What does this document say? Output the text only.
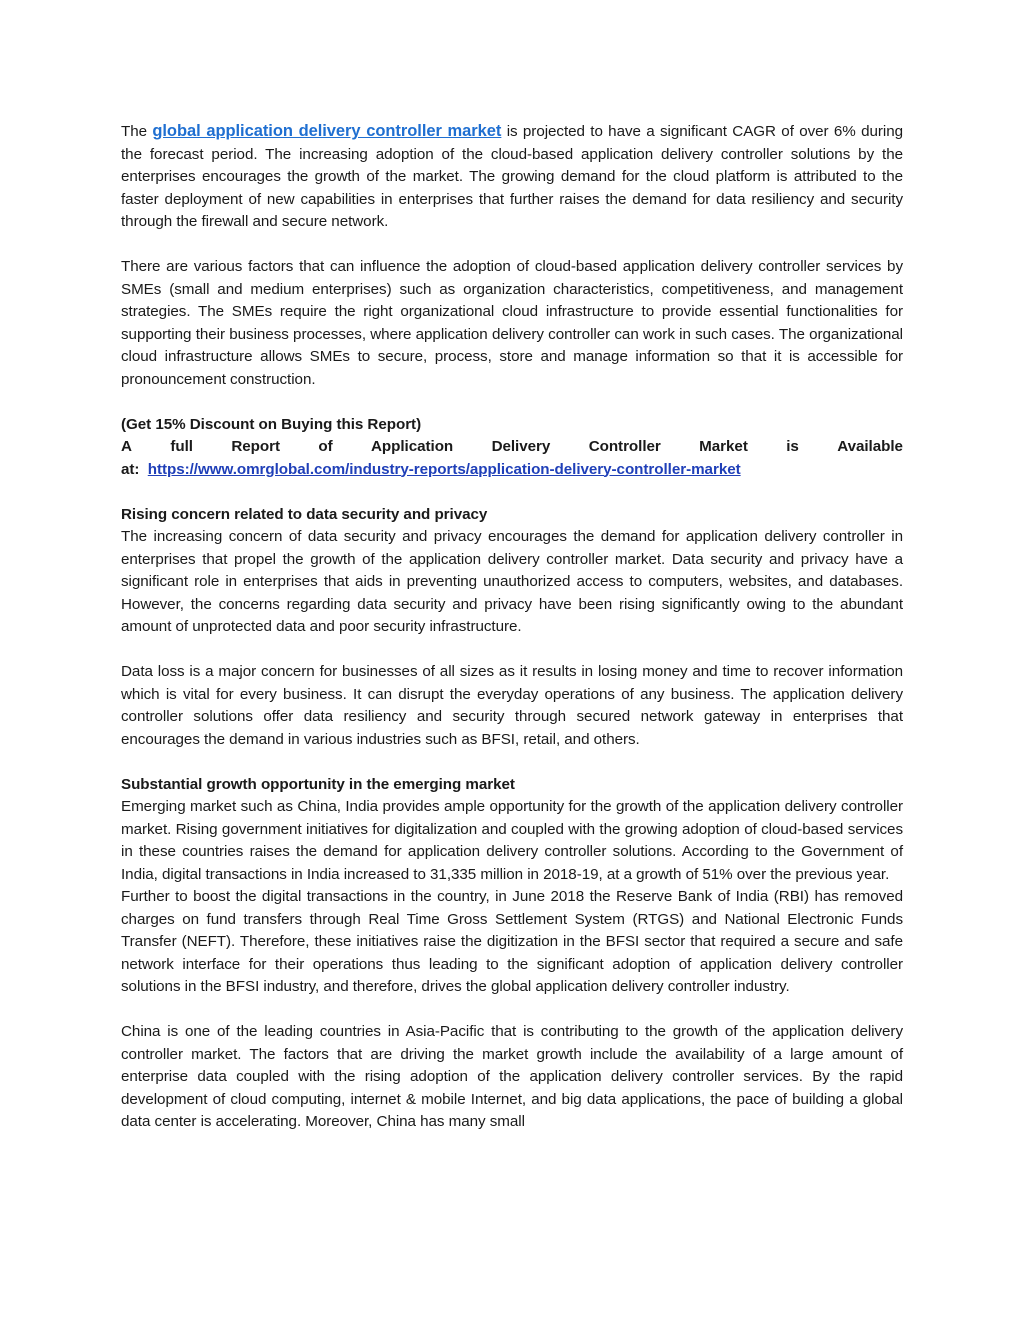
The global application delivery controller market is projected to have a significant CAGR of over 6% during the forecast period. The increasing adoption of the cloud-based application delivery controller solutions by the enterprises encourages the growth of the market. The growing demand for the cloud platform is attributed to the faster deployment of new capabilities in enterprises that further raises the demand for data resiliency and security through the firewall and secure network.

There are various factors that can influence the adoption of cloud-based application delivery controller services by SMEs (small and medium enterprises) such as organization characteristics, competitiveness, and management strategies. The SMEs require the right organizational cloud infrastructure to provide essential functionalities for supporting their business processes, where application delivery controller can work in such cases. The organizational cloud infrastructure allows SMEs to secure, process, store and manage information so that it is accessible for pronouncement construction.

(Get 15% Discount on Buying this Report)

A	full	Report	of	Application	Delivery	Controller	Market	is	Available

at: https://www.omrglobal.com/industry-reports/application-delivery-controller-market

Rising concern related to data security and privacy

The increasing concern of data security and privacy encourages the demand for application delivery controller in enterprises that propel the growth of the application delivery controller market. Data security and privacy have a significant role in enterprises that aids in preventing unauthorized access to computers, websites, and databases. However, the concerns regarding data security and privacy have been rising significantly owing to the abundant amount of unprotected data and poor security infrastructure.

Data loss is a major concern for businesses of all sizes as it results in losing money and time to recover information which is vital for every business. It can disrupt the everyday operations of any business. The application delivery controller solutions offer data resiliency and security through secured network gateway in enterprises that encourages the demand in various industries such as BFSI, retail, and others.

Substantial growth opportunity in the emerging market

Emerging market such as China, India provides ample opportunity for the growth of the application delivery controller market. Rising government initiatives for digitalization and coupled with the growing adoption of cloud-based services in these countries raises the demand for application delivery controller solutions. According to the Government of India, digital transactions in India increased to 31,335 million in 2018-19, at a growth of 51% over the previous year.

Further to boost the digital transactions in the country, in June 2018 the Reserve Bank of India (RBI) has removed charges on fund transfers through Real Time Gross Settlement System (RTGS) and National Electronic Funds Transfer (NEFT). Therefore, these initiatives raise the digitization in the BFSI sector that required a secure and safe network interface for their operations thus leading to the significant adoption of application delivery controller solutions in the BFSI industry, and therefore, drives the global application delivery controller industry.

China is one of the leading countries in Asia-Pacific that is contributing to the growth of the application delivery controller market. The factors that are driving the market growth include the availability of a large amount of enterprise data coupled with the rising adoption of the application delivery controller services. By the rapid development of cloud computing, internet & mobile Internet, and big data applications, the pace of building a global data center is accelerating. Moreover, China has many small
